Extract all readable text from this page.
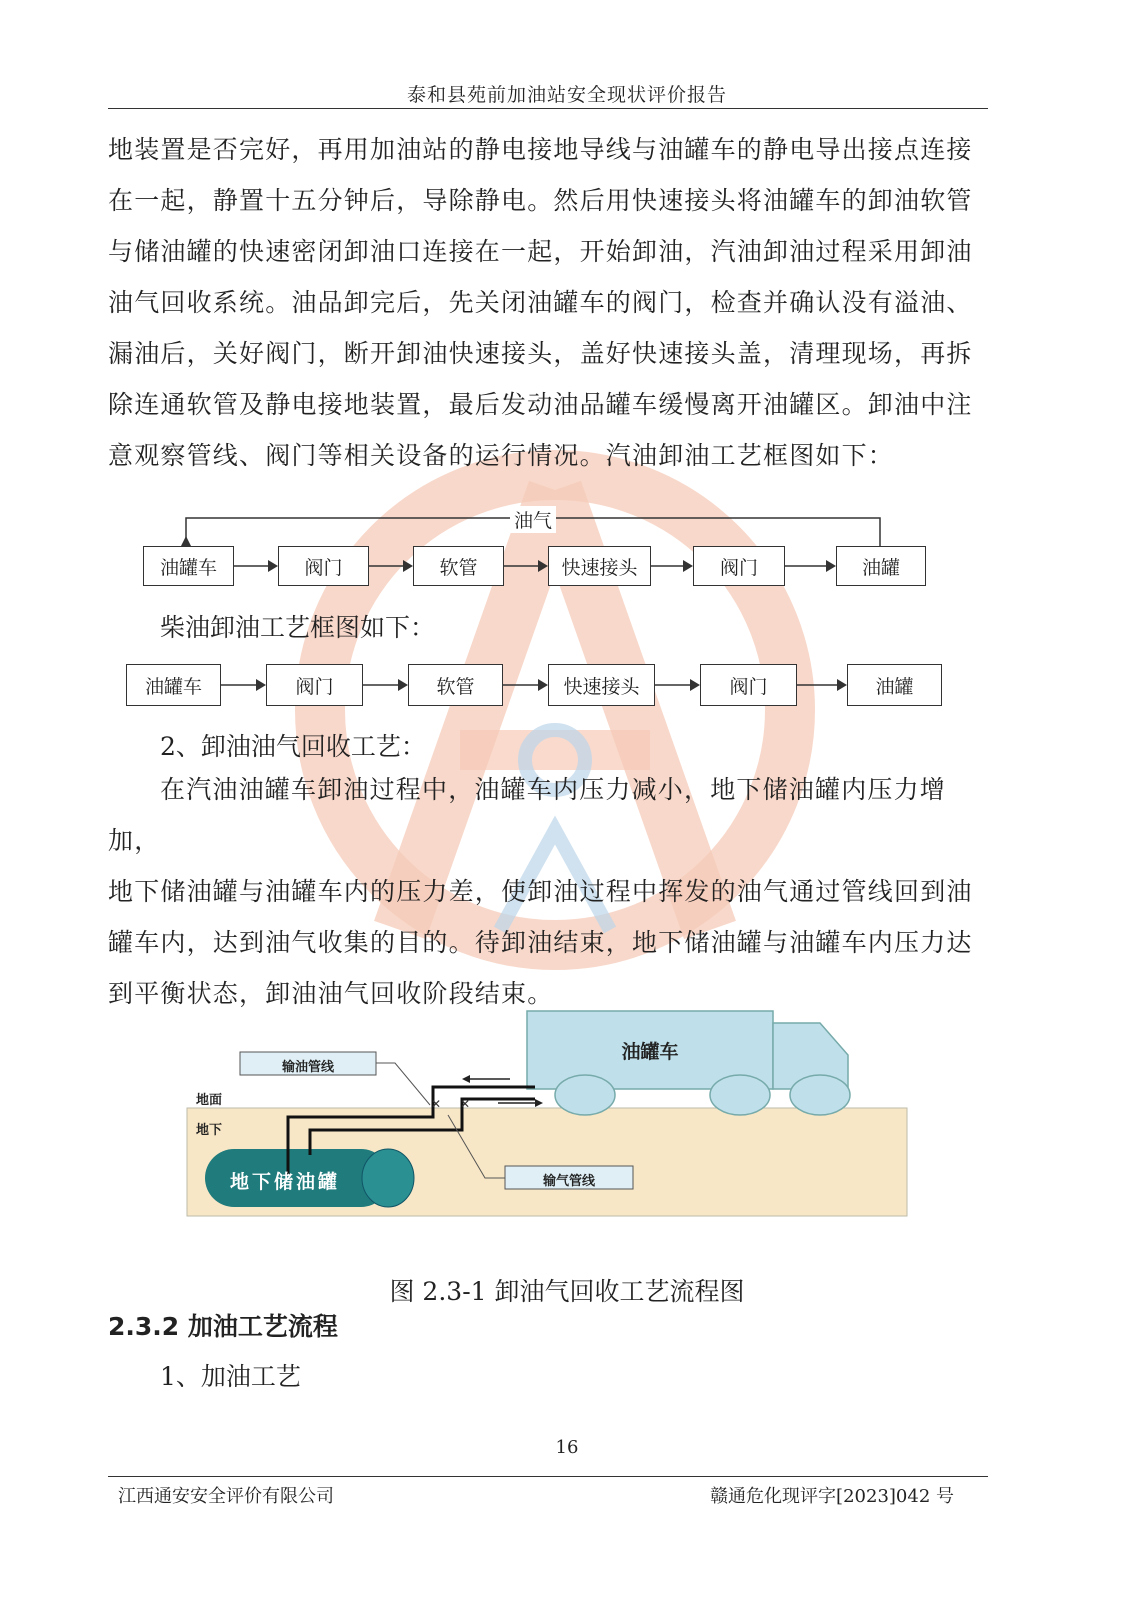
泰和县苑前加油站安全现状评价报告
地装置是否完好，再用加油站的静电接地导线与油罐车的静电导出接点连接
在一起，静置十五分钟后，导除静电。然后用快速接头将油罐车的卸油软管
与储油罐的快速密闭卸油口连接在一起，开始卸油，汽油卸油过程采用卸油
油气回收系统。油品卸完后，先关闭油罐车的阀门，检查并确认没有溢油、
漏油后，关好阀门，断开卸油快速接头，盖好快速接头盖，清理现场，再拆
除连通软管及静电接地装置，最后发动油品罐车缓慢离开油罐区。卸油中注
意观察管线、阀门等相关设备的运行情况。汽油卸油工艺框图如下：
油气
油罐车	阀门	软管	快速接头	阀门	油罐
柴油卸油工艺框图如下：
油罐车	阀门	软管	快速接头	阀门	油罐
2、卸油油气回收工艺：
在汽油油罐车卸油过程中，油罐车内压力减小，地下储油罐内压力增加，
地下储油罐与油罐车内的压力差，使卸油过程中挥发的油气通过管线回到油
罐车内，达到油气收集的目的。待卸油结束，地下储油罐与油罐车内压力达
到平衡状态，卸油油气回收阶段结束。
✕ ✕
输油管线
输气管线
油罐车
地面
地下
地下储油罐
图 2.3-1 卸油气回收工艺流程图
2.3.2 加油工艺流程
1、加油工艺
16
江西通安安全评价有限公司	赣通危化现评字[2023]042 号
